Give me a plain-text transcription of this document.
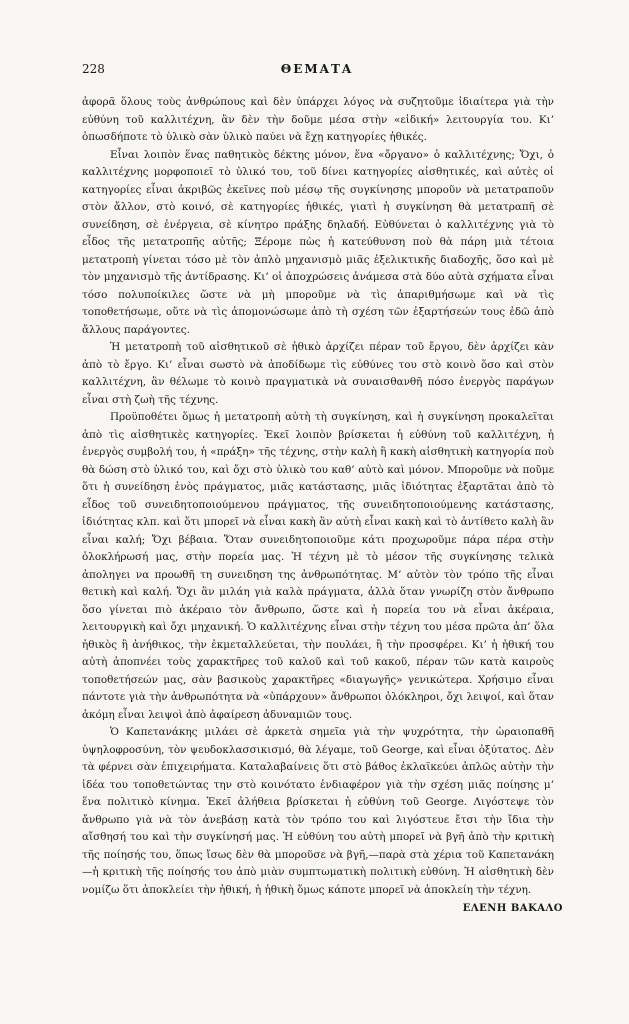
228	ΘΕΜΑΤΑ

ἀφορᾶ ὅλους τοὺς ἀνθρώπους καὶ δὲν ὑπάρχει λόγος νὰ συζητοῦμε ἰδιαίτερα γιὰ τὴν εὐθύνη τοῦ καλλιτέχνη, ἂν δὲν τὴν δοῦμε μέσα στὴν «εἰδική» λειτουργία του. Κι’ ὁπωσδήποτε τὸ ὑλικὸ σὰν ὑλικὸ παύει νὰ ἔχῃ κατηγορίες ἠθικές.

Εἶναι λοιπὸν ἕνας παθητικὸς δέκτης μόνον, ἕνα «ὄργανο» ὁ καλλιτέχνης; Ὄχι, ὁ καλλιτέχνης μορφοποιεῖ τὸ ὑλικό του, τοῦ δίνει κατηγορίες αἰσθητικές, καὶ αὐτὲς οἱ κατηγορίες εἶναι ἀκριβῶς ἐκεῖνες ποὺ μέσῳ τῆς συγκίνησης μποροῦν νὰ μετατραποῦν στὸν ἄλλον, στὸ κοινό, σὲ κατηγορίες ἠθικές, γιατὶ ἡ συγκίνηση θὰ μετατραπῆ σὲ συνείδηση, σὲ ἐνέργεια, σὲ κίνητρο πράξης δηλαδή. Εὐθύνεται ὁ καλλιτέχνης γιὰ τὸ εἶδος τῆς μετατροπῆς αὐτῆς; Ξέρομε πὼς ἡ κατεύθυνση ποὺ θὰ πάρη μιὰ τέτοια μετατροπὴ γίνεται τόσο μὲ τὸν ἁπλὸ μηχανισμὸ μιᾶς ἐξελικτικῆς διαδοχῆς, ὅσο καὶ μὲ τὸν μηχανισμὸ τῆς ἀντίδρασης. Κι’ οἱ ἀποχρώσεις ἀνάμεσα στὰ δύο αὐτὰ σχήματα εἶναι τόσο πολυποίκιλες ὥστε νὰ μὴ μποροῦμε νὰ τὶς ἀπαριθμήσωμε καὶ νὰ τὶς τοποθετήσωμε, οὔτε νὰ τὶς ἀπομονώσωμε ἀπὸ τὴ σχέση τῶν ἐξαρτήσεών τους ἐδῶ ἀπὸ ἄλλους παράγοντες.

Ἡ μετατροπὴ τοῦ αἰσθητικοῦ σὲ ἠθικὸ ἀρχίζει πέραν τοῦ ἔργου, δὲν ἀρχίζει κὰν ἀπὸ τὸ ἔργο. Κι’ εἶναι σωστὸ νὰ ἀποδίδωμε τὶς εὐθύνες του στὸ κοινὸ ὅσο καὶ στὸν καλλιτέχνη, ἂν θέλωμε τὸ κοινὸ πραγματικὰ νὰ συναισθανθῆ πόσο ἐνεργὸς παράγων εἶναι στὴ ζωὴ τῆς τέχνης.

Προϋποθέτει ὅμως ἡ μετατροπὴ αὐτὴ τὴ συγκίνηση, καὶ ἡ συγκίνηση προκαλεῖται ἀπὸ τὶς αἰσθητικὲς κατηγορίες. Ἐκεῖ λοιπὸν βρίσκεται ἡ εὐθύνη τοῦ καλλιτέχνη, ἡ ἐνεργὸς συμβολή του, ἡ «πράξη» τῆς τέχνης, στὴν καλὴ ἢ κακὴ αἰσθητικὴ κατηγορία ποὺ θὰ δώση στὸ ὑλικό του, καὶ ὄχι στὸ ὑλικὸ του καθ’ αὑτὸ καὶ μόνον. Μποροῦμε νὰ ποῦμε ὅτι ἡ συνείδηση ἑνὸς πράγματος, μιᾶς κατάστασης, μιᾶς ἰδιότητας ἐξαρτᾶται ἀπὸ τὸ εἶδος τοῦ συνειδητοποιούμενου πράγματος, τῆς συνειδητοποιούμενης κατάστασης, ἰδιότητας κλπ. καὶ ὅτι μπορεῖ νὰ εἶναι κακὴ ἂν αὐτὴ εἶναι κακὴ καὶ τὸ ἀντίθετο καλὴ ἂν εἶναι καλή; Ὄχι βέβαια. Ὅταν συνειδητοποιοῦμε κάτι προχωροῦμε πάρα πέρα στὴν ὁλοκλήρωσή μας, στὴν πορεία μας. Ἡ τέχνη μὲ τὸ μέσον τῆς συγκίνησης τελικὰ ἀποληγει να προωθῆ τη συνειδηση της ἀνθρωπότητας. Μ’ αὐτὸν τὸν τρόπο τῆς εἶναι θετικὴ καὶ καλή. Ὄχι ἂν μιλάη γιὰ καλὰ πράγματα, ἀλλὰ ὅταν γνωρίζη στὸν ἄνθρωπο ὅσο γίνεται πιὸ ἀκέραιο τὸν ἄνθρωπο, ὥστε καὶ ἡ πορεία του νὰ εἶναι ἀκέραια, λειτουργικὴ καὶ ὄχι μηχανική. Ὁ καλλιτέχνης εἶναι στὴν τέχνη του μέσα πρῶτα ἀπ’ ὅλα ἠθικὸς ἢ ἀνήθικος, τὴν ἐκμεταλλεύεται, τὴν πουλάει, ἢ τὴν προσφέρει. Κι’ ἡ ἠθική του αὐτὴ ἀποπνέει τοὺς χαρακτῆρες τοῦ καλοῦ καὶ τοῦ κακοῦ, πέραν τῶν κατὰ καιροὺς τοποθετήσεών μας, σὰν βασικοὺς χαρακτῆρες «διαγωγῆς» γενικώτερα. Χρήσιμο εἶναι πάντοτε γιὰ τὴν ἀνθρωπότητα νὰ «ὑπάρχουν» ἄνθρωποι ὁλόκληροι, ὄχι λειψοί, καὶ ὅταν ἀκόμη εἶναι λειψοὶ ἀπὸ ἀφαίρεση ἀδυναμιῶν τους.

Ὁ Καπετανάκης μιλάει σὲ ἀρκετὰ σημεῖα γιὰ τὴν ψυχρότητα, τὴν ὡραιοπαθῆ ὑψηλοφροσύνη, τὸν ψευδοκλασσικισμό, θὰ λέγαμε, τοῦ George, καὶ εἶναι ὀξύτατος. Δὲν τὰ φέρνει σὰν ἐπιχειρήματα. Καταλαβαίνεις ὅτι στὸ βάθος ἐκλαϊκεύει ἁπλῶς αὐτὴν τὴν ἰδέα του τοποθετώντας την στὸ κοινότατο ἐνδιαφέρον γιὰ τὴν σχέση μιᾶς ποίησης μ’ ἕνα πολιτικὸ κίνημα. Ἐκεῖ ἀλήθεια βρίσκεται ἡ εὐθύνη τοῦ George. Λιγόστεψε τὸν ἄνθρωπο γιὰ νὰ τὸν ἀνεβάσῃ κατὰ τὸν τρόπο του καὶ λιγόστευε ἔτσι τὴν ἴδια τὴν αἴσθησή του καὶ τὴν συγκίνησή μας. Ἡ εὐθύνη του αὐτὴ μπορεῖ νὰ βγῆ ἀπὸ τὴν κριτικὴ τῆς ποίησής του, ὅπως ἴσως δὲν θὰ μποροῦσε νὰ βγῆ,—παρὰ στὰ χέρια τοῦ Καπετανάκη—ἡ κριτικὴ τῆς ποίησής του ἀπὸ μιὰν συμπτωματικὴ πολιτικὴ εὐθύνη. Ἡ αἰσθητικὴ δὲν νομίζω ὅτι ἀποκλείει τὴν ἠθική, ἡ ἠθικὴ ὅμως κάποτε μπορεῖ νὰ ἀποκλείη τὴν τέχνη.

ΕΛΕΝΗ ΒΑΚΑΛΟ
